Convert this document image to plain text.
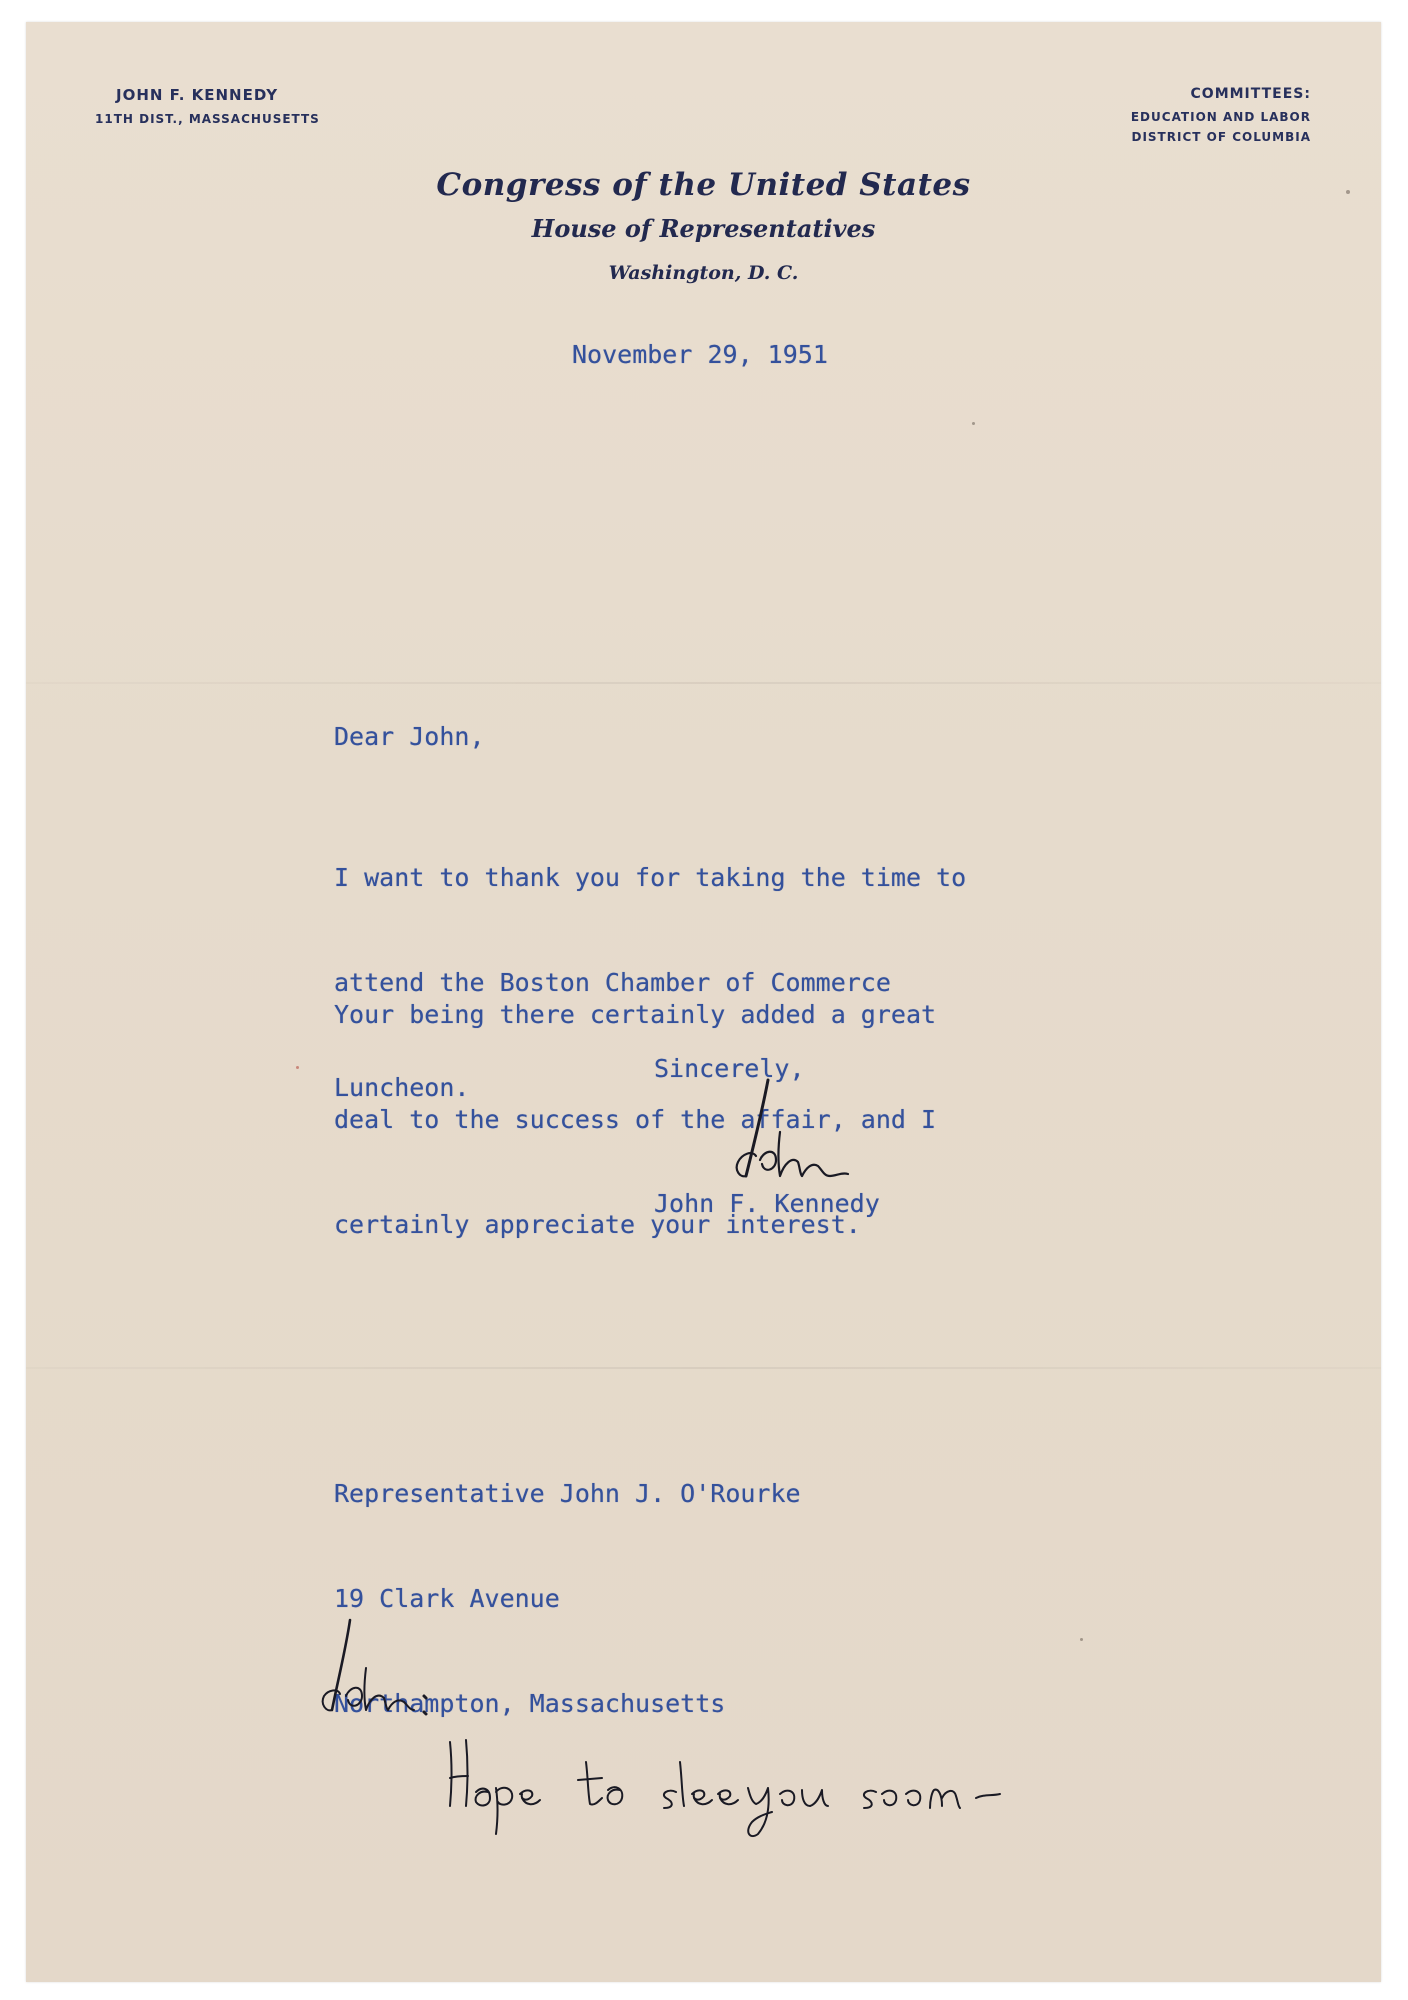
JOHN F. KENNEDY
11TH DIST., MASSACHUSETTS
COMMITTEES:
EDUCATION AND LABOR
DISTRICT OF COLUMBIA
Congress of the United States
House of Representatives
Washington, D. C.
November 29, 1951
Dear John,

I want to thank you for taking the time to

attend the Boston Chamber of Commerce

Luncheon.

Your being there certainly added a great

deal to the success of the affair, and I

certainly appreciate your interest.

Sincerely,
John F. Kennedy

Representative John J. O'Rourke

19 Clark Avenue

Northampton, Massachusetts
